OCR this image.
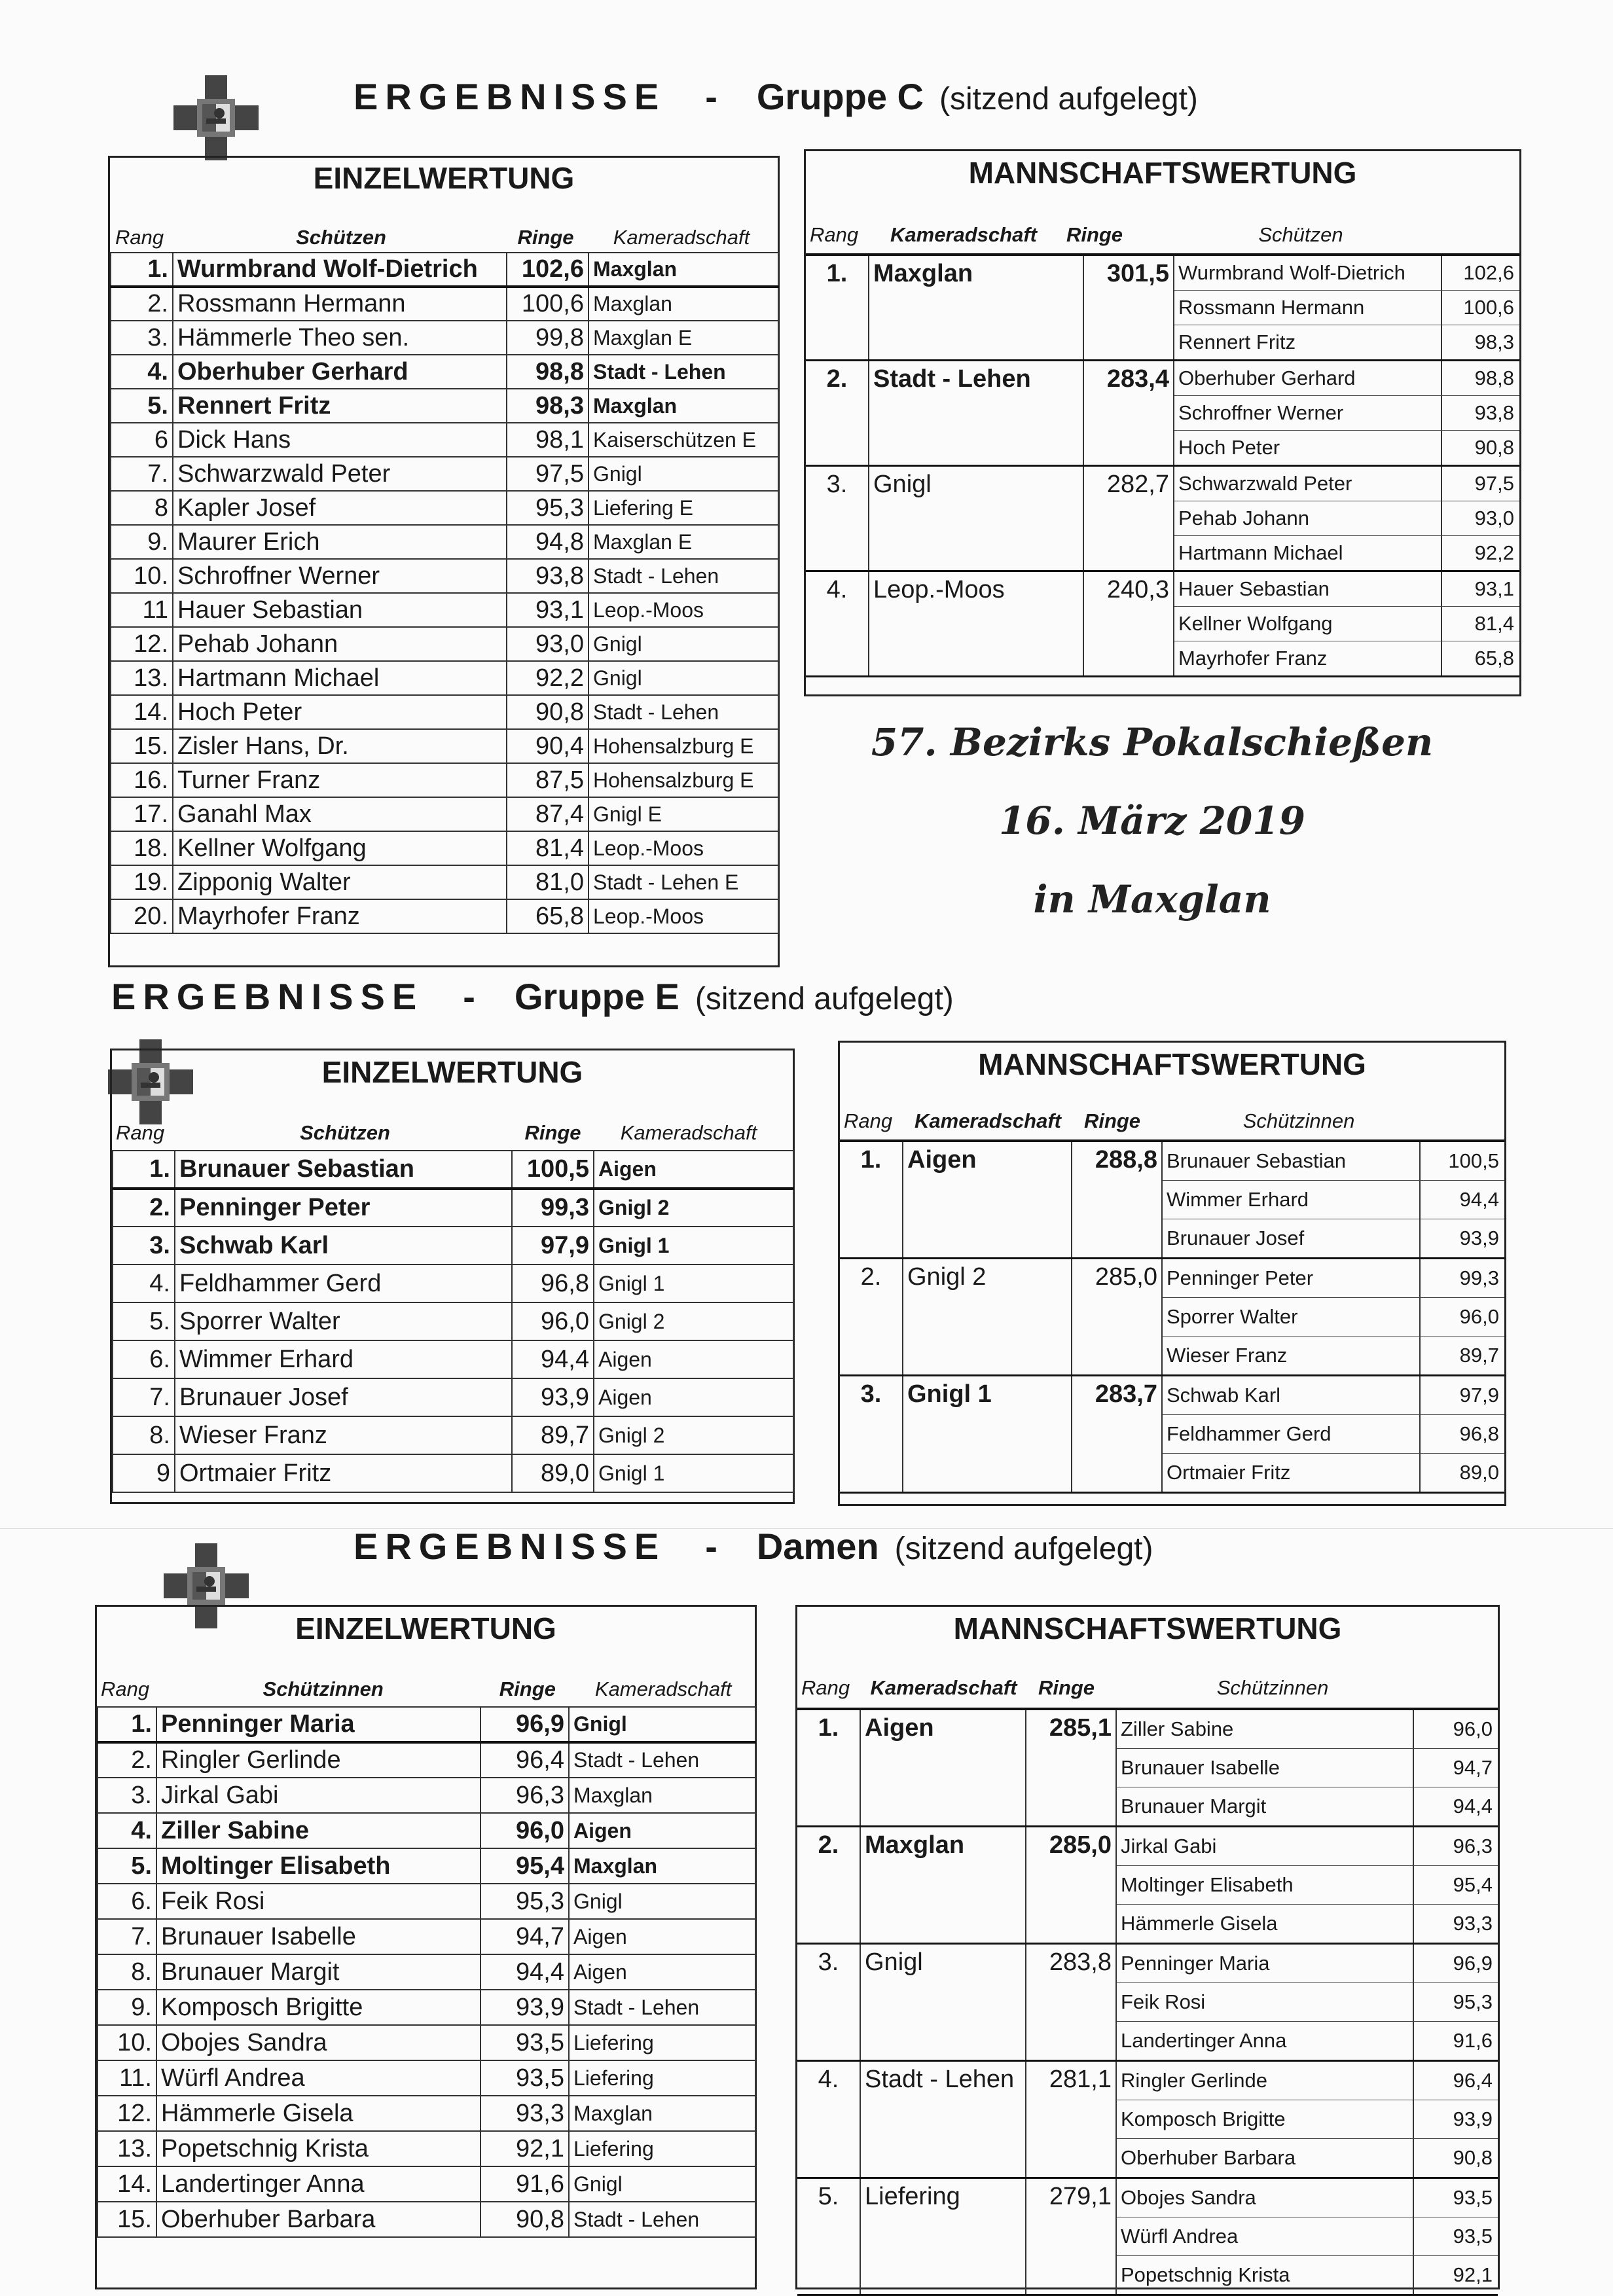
ERGEBNISSE - Gruppe C (sitzend aufgelegt)
EINZELWERTUNG
Rang	Schützen	Ringe	Kameradschaft
1.	Wurmbrand Wolf-Dietrich	102,6	Maxglan
2.	Rossmann Hermann	100,6	Maxglan
3.	Hämmerle Theo sen.	99,8	Maxglan E
4.	Oberhuber Gerhard	98,8	Stadt - Lehen
5.	Rennert Fritz	98,3	Maxglan
6	Dick Hans	98,1	Kaiserschützen E
7.	Schwarzwald Peter	97,5	Gnigl
8	Kapler Josef	95,3	Liefering E
9.	Maurer Erich	94,8	Maxglan E
10.	Schroffner Werner	93,8	Stadt - Lehen
11	Hauer Sebastian	93,1	Leop.-Moos
12.	Pehab Johann	93,0	Gnigl
13.	Hartmann Michael	92,2	Gnigl
14.	Hoch Peter	90,8	Stadt - Lehen
15.	Zisler Hans, Dr.	90,4	Hohensalzburg E
16.	Turner Franz	87,5	Hohensalzburg E
17.	Ganahl Max	87,4	Gnigl E
18.	Kellner Wolfgang	81,4	Leop.-Moos
19.	Zipponig Walter	81,0	Stadt - Lehen E
20.	Mayrhofer Franz	65,8	Leop.-Moos
MANNSCHAFTSWERTUNG
Rang	Kameradschaft	Ringe	Schützen
1.	Maxglan	301,5 Wurmbrand Wolf-Dietrich	102,6
Rossmann Hermann	100,6
Rennert Fritz	98,3
2.	Stadt - Lehen	283,4 Oberhuber Gerhard	98,8
Schroffner Werner	93,8
Hoch Peter	90,8
3.	Gnigl	282,7 Schwarzwald Peter	97,5
Pehab Johann	93,0
Hartmann Michael	92,2
4.	Leop.-Moos	240,3 Hauer Sebastian	93,1
Kellner Wolfgang	81,4
Mayrhofer Franz	65,8
57. Bezirks Pokalschießen
16. März 2019
in Maxglan
ERGEBNISSE - Gruppe E (sitzend aufgelegt)
EINZELWERTUNG
Rang	Schützen	Ringe	Kameradschaft
1.	Brunauer Sebastian	100,5	Aigen
2.	Penninger Peter	99,3	Gnigl 2
3.	Schwab Karl	97,9	Gnigl 1
4.	Feldhammer Gerd	96,8	Gnigl 1
5.	Sporrer Walter	96,0	Gnigl 2
6.	Wimmer Erhard	94,4	Aigen
7.	Brunauer Josef	93,9	Aigen
8.	Wieser Franz	89,7	Gnigl 2
9	Ortmaier Fritz	89,0	Gnigl 1
MANNSCHAFTSWERTUNG
Rang	Kameradschaft	Ringe	Schützinnen
1.	Aigen	288,8 Brunauer Sebastian	100,5
Wimmer Erhard	94,4
Brunauer Josef	93,9
2.	Gnigl 2	285,0 Penninger Peter	99,3
Sporrer Walter	96,0
Wieser Franz	89,7
3.	Gnigl 1	283,7 Schwab Karl	97,9
Feldhammer Gerd	96,8
Ortmaier Fritz	89,0
ERGEBNISSE - Damen (sitzend aufgelegt)
EINZELWERTUNG
Rang	Schützinnen	Ringe	Kameradschaft
1.	Penninger Maria	96,9	Gnigl
2.	Ringler Gerlinde	96,4	Stadt - Lehen
3.	Jirkal Gabi	96,3	Maxglan
4.	Ziller Sabine	96,0	Aigen
5.	Moltinger Elisabeth	95,4	Maxglan
6.	Feik Rosi	95,3	Gnigl
7.	Brunauer Isabelle	94,7	Aigen
8.	Brunauer Margit	94,4	Aigen
9.	Komposch Brigitte	93,9	Stadt - Lehen
10.	Obojes Sandra	93,5	Liefering
11.	Würfl Andrea	93,5	Liefering
12.	Hämmerle Gisela	93,3	Maxglan
13.	Popetschnig Krista	92,1	Liefering
14.	Landertinger Anna	91,6	Gnigl
15.	Oberhuber Barbara	90,8	Stadt - Lehen
MANNSCHAFTSWERTUNG
Rang	Kameradschaft	Ringe	Schützinnen
1.	Aigen	285,1 Ziller Sabine	96,0
Brunauer Isabelle	94,7
Brunauer Margit	94,4
2.	Maxglan	285,0 Jirkal Gabi	96,3
Moltinger Elisabeth	95,4
Hämmerle Gisela	93,3
3.	Gnigl	283,8 Penninger Maria	96,9
Feik Rosi	95,3
Landertinger Anna	91,6
4.	Stadt - Lehen	281,1 Ringler Gerlinde	96,4
Komposch Brigitte	93,9
Oberhuber Barbara	90,8
5.	Liefering	279,1 Obojes Sandra	93,5
Würfl Andrea	93,5
Popetschnig Krista	92,1
